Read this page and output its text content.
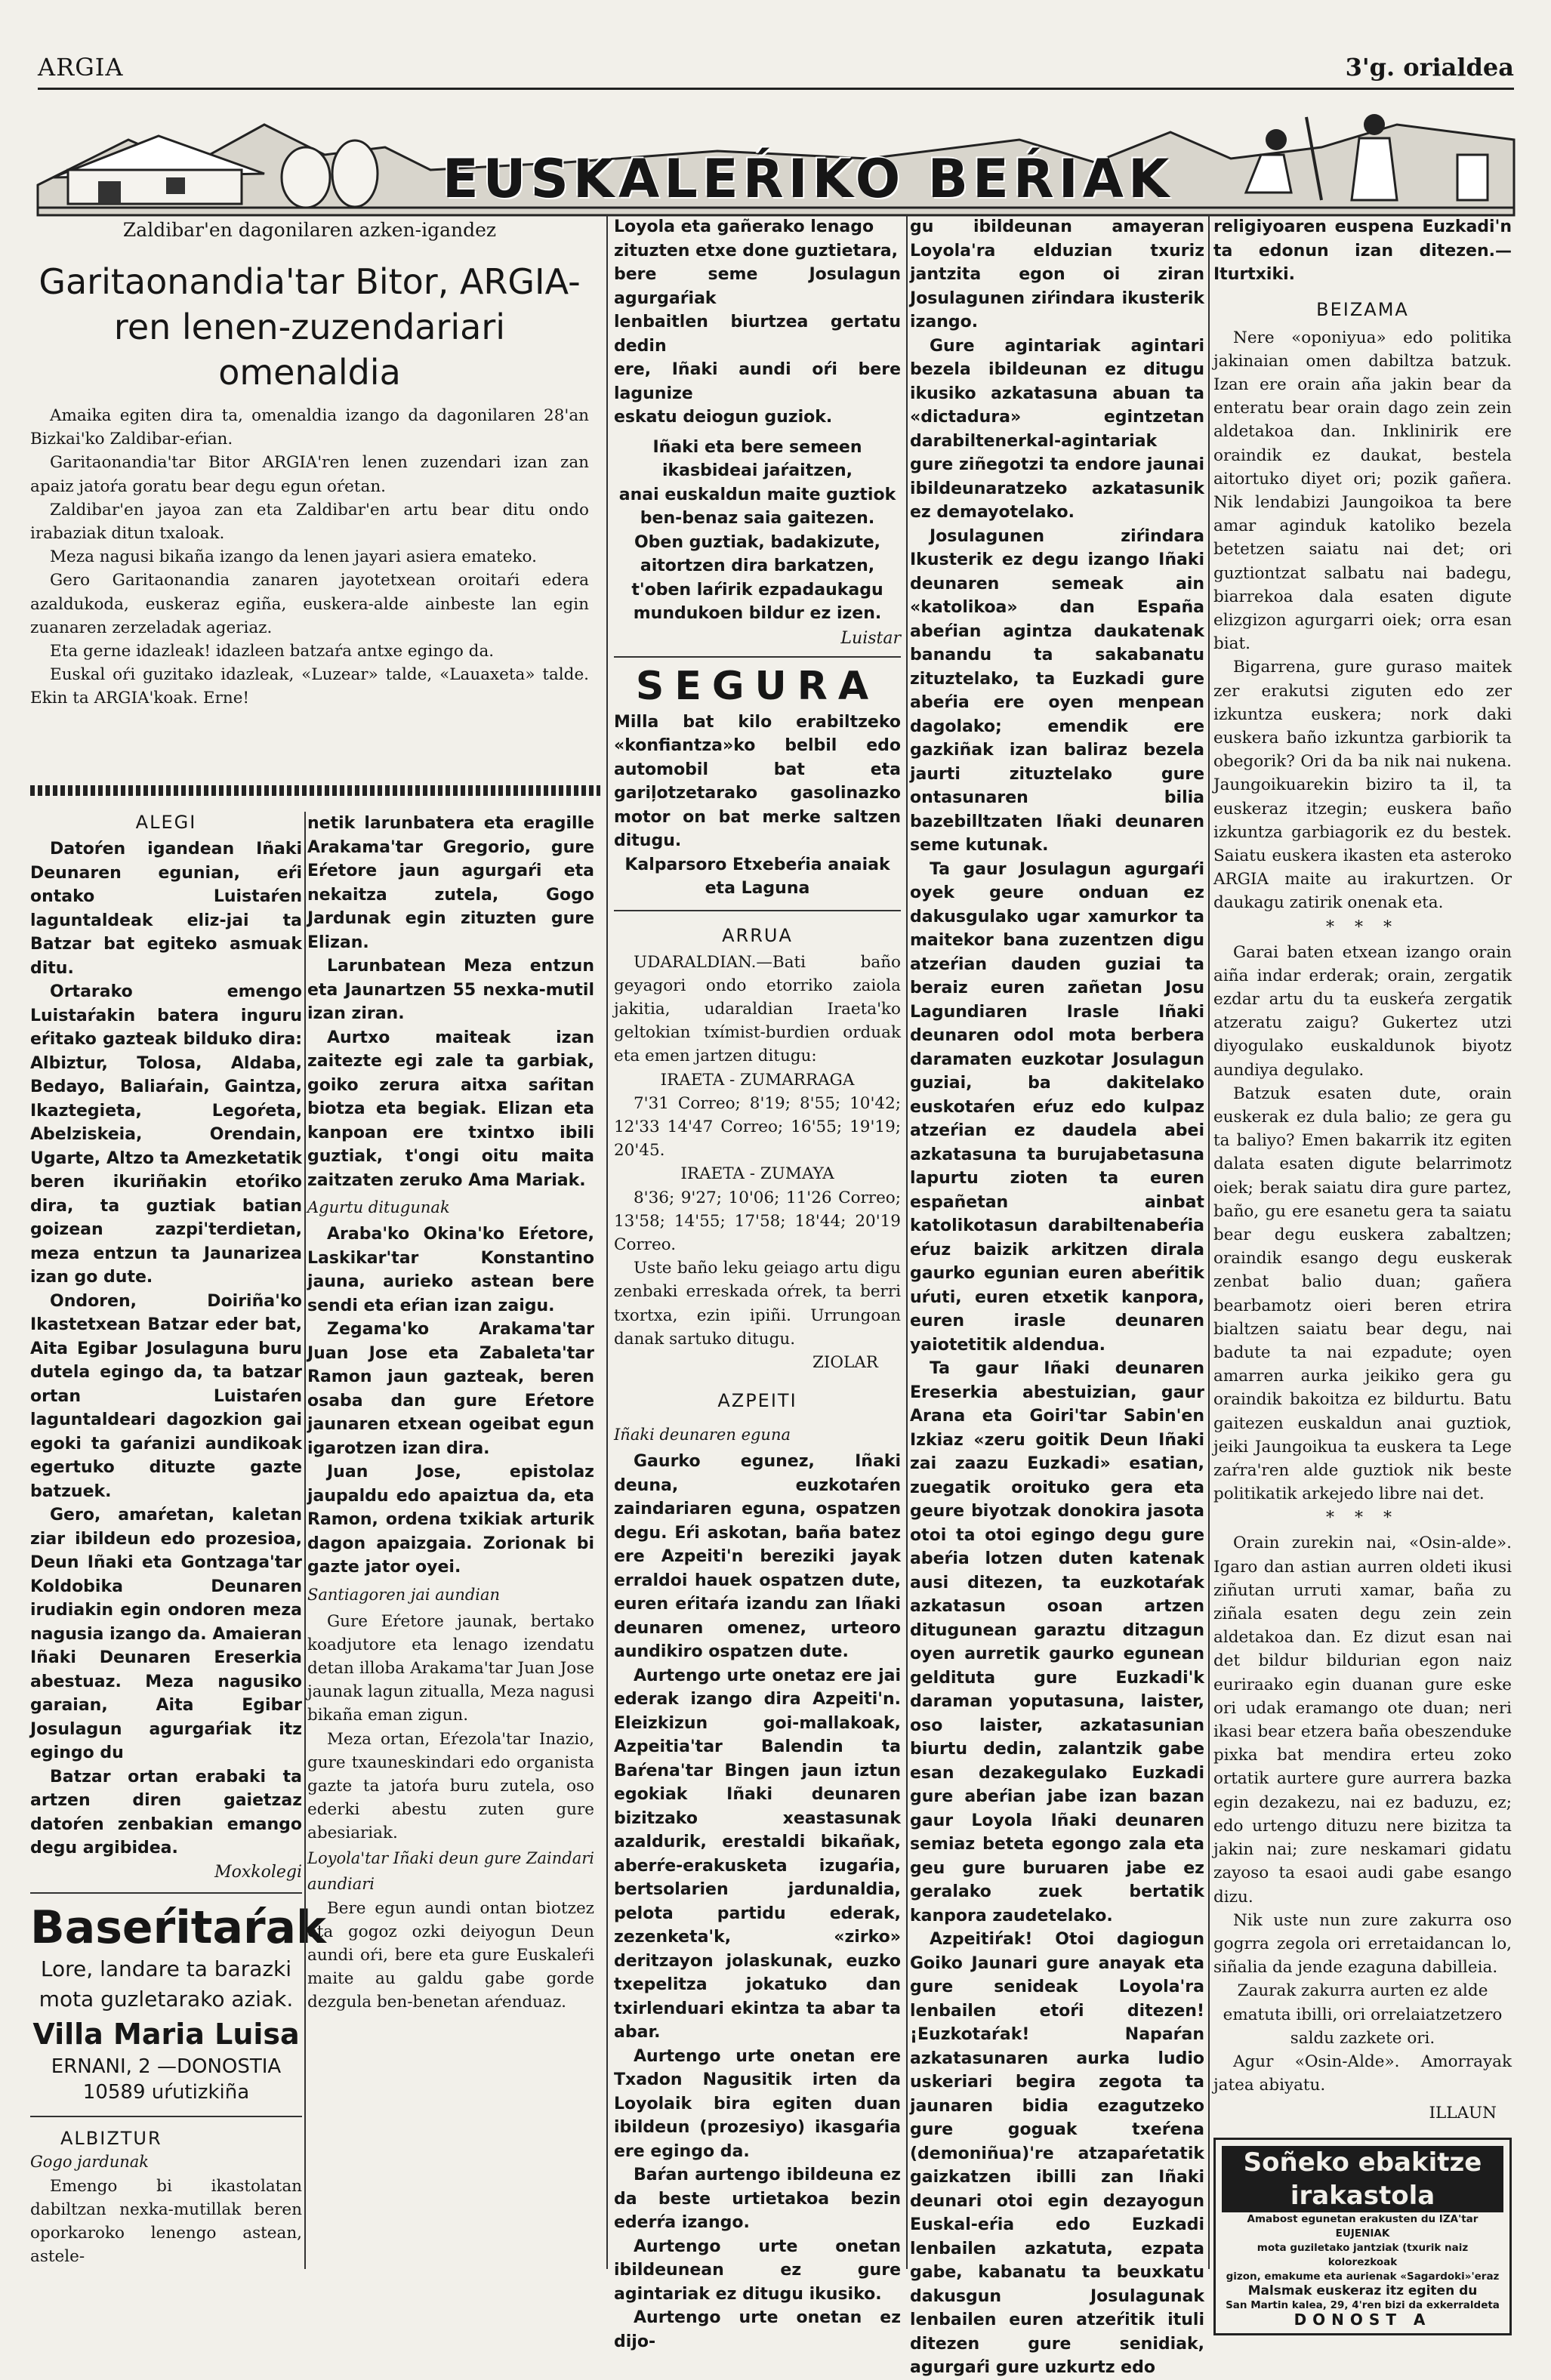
ARGIA	3'g. orialdea
EUSKALEŔIKO BEŔIAK

Zaldibar'en dagonilaren azken-igandez

Garitaonandia'tar Bitor, ARGIA-ren lenen-zuzendariari omenaldia

Amaika egiten dira ta, omenaldia izango da dagonilaren 28'an Bizkai'ko Zaldibar-eŕian.

Garitaonandia'tar Bitor ARGIA'ren lenen zuzendari izan zan apaiz jatoŕa goratu bear degu egun oŕetan.

Zaldibar'en jayoa zan eta Zaldibar'en artu bear ditu ondo irabaziak ditun txaloak.

Meza nagusi bikaña izango da lenen jayari asiera emateko.

Gero Garitaonandia zanaren jayotetxean oroitaŕi edera azaldukoda, euskeraz egiña, euskera-alde ainbeste lan egin zuanaren zerzeladak ageriaz.

Eta gerne idazleak! idazleen batzaŕa antxe egingo da.

Euskal oŕi guzitako idazleak, «Luzear» talde, «Lauaxeta» talde. Ekin ta ARGIA'koak. Erne!

ALEGI

Datoŕen igandean Iñaki Deunaren egunian, eŕi ontako Luistaŕen laguntaldeak eliz-jai ta Batzar bat egiteko asmuak ditu.

Ortarako emengo Luistaŕakin batera inguru eŕitako gazteak bilduko dira: Albiztur, Tolosa, Aldaba, Bedayo, Baliaŕain, Gaintza, Ikaztegieta, Legoŕeta, Abelziskeia, Orendain, Ugarte, Altzo ta Amezketatik beren ikuriñakin etoŕiko dira, ta guztiak batian goizean zazpi'terdietan, meza entzun ta Jaunarizea izan go dute.

Ondoren, Doiriña'ko Ikastetxean Batzar eder bat, Aita Egibar Josulaguna buru dutela egingo da, ta batzar ortan Luistaŕen laguntaldeari dagozkion gai egoki ta gaŕanizi aundikoak egertuko dituzte gazte batzuek.

Gero, amaŕetan, kaletan ziar ibildeun edo prozesioa, Deun Iñaki eta Gontzaga'tar Koldobika Deunaren irudiakin egin ondoren meza nagusia izango da. Amaieran Iñaki Deunaren Ereserkia abestuaz. Meza nagusiko garaian, Aita Egibar Josulagun agurgaŕiak itz egingo du

Batzar ortan erabaki ta artzen diren gaietzaz datoŕen zenbakian emango degu argibidea.

Moxkolegi

Baseŕitaŕak
Lore, landare ta barazki
mota guzletarako aziak.
Villa Maria Luisa
ERNANI, 2 —DONOSTIA
10589 uŕutizkiña

ALBIZTUR

Gogo jardunak

Emengo bi ikastolatan dabiltzan nexka-mutillak beren oporkaroko lenengo astean, astele-

netik larunbatera eta eragille Arakama'tar Gregorio, gure Eŕetore jaun agurgaŕi eta nekaitza zutela, Gogo Jardunak egin zituzten gure Elizan.

Larunbatean Meza entzun eta Jaunartzen 55 nexka-mutil izan ziran.

Aurtxo maiteak izan zaitezte egi zale ta garbiak, goiko zerura aitxa saŕitan biotza eta begiak. Elizan eta kanpoan ere txintxo ibili guztiak, t'ongi oitu maita zaitzaten zeruko Ama Mariak.

Agurtu ditugunak

Araba'ko Okina'ko Eŕetore, Laskikar'tar Konstantino jauna, aurieko astean bere sendi eta eŕian izan zaigu.

Zegama'ko Arakama'tar Juan Jose eta Zabaleta'tar Ramon jaun gazteak, beren osaba dan gure Eŕetore jaunaren etxean ogeibat egun igarotzen izan dira.

Juan Jose, epistolaz jaupaldu edo apaiztua da, eta Ramon, ordena txikiak arturik dagon apaizgaia. Zorionak bi gazte jator oyei.

Santiagoren jai aundian

Gure Eŕetore jaunak, bertako koadjutore eta lenago izendatu detan illoba Arakama'tar Juan Jose jaunak lagun zitualla, Meza nagusi bikaña eman zigun.

Meza ortan, Eŕezola'tar Inazio, gure txauneskindari edo organista gazte ta jatoŕa buru zutela, oso ederki abestu zuten gure abesiariak.

Loyola'tar Iñaki deun gure Zaindari aundiari

Bere egun aundi ontan biotzez eta gogoz ozki deiyogun Deun aundi oŕi, bere eta gure Euskaleŕi maite au galdu gabe gorde dezgula ben-benetan aŕenduaz.

Loyola eta gañerako lenago

zituzten etxe done guztietara,

bere seme Josulagun agurgaŕiak

lenbaitlen biurtzea gertatu dedin

ere, Iñaki aundi oŕi bere lagunize

eskatu deiogun guziok.

Iñaki eta bere semeen

ikasbideai jaŕaitzen,

anai euskaldun maite guztiok

ben-benaz saia gaitezen.

Oben guztiak, badakizute,

aitortzen dira barkatzen,

t'oben laŕirik ezpadaukagu

mundukoen bildur ez izen.

Luistar

SEGURA

Milla bat kilo erabiltzeko «konfiantza»ko belbil edo automobil bat eta gariļotzetarako gasolinazko motor on bat merke saltzen ditugu.

Kalparsoro Etxebeŕia anaiak eta Laguna

ARRUA

UDARALDIAN.—Bati baño geyagori ondo etorriko zaiola jakitia, udaraldian Iraeta'ko geltokian txímist-burdien orduak eta emen jartzen ditugu:

IRAETA - ZUMARRAGA

7'31 Correo; 8'19; 8'55; 10'42; 12'33 14'47 Correo; 16'55; 19'19; 20'45.

IRAETA - ZUMAYA

8'36; 9'27; 10'06; 11'26 Correo; 13'58; 14'55; 17'58; 18'44; 20'19 Correo.

Uste baño leku geiago artu digu zenbaki erreskada oŕrek, ta berri txortxa, ezin ipiñi. Urrungoan danak sartuko ditugu.

ZIOLAR

AZPEITI

Iñaki deunaren eguna

Gaurko egunez, Iñaki deuna, euzkotaŕen zaindariaren eguna, ospatzen degu. Eŕi askotan, baña batez ere Azpeiti'n bereziki jayak erraldoi hauek ospatzen dute, euren eŕitaŕa izandu zan Iñaki deunaren omenez, urteoro aundikiro ospatzen dute.

Aurtengo urte onetaz ere jai ederak izango dira Azpeiti'n. Eleizkizun goi-mallakoak, Azpeitia'tar Balendin ta Baŕena'tar Bingen jaun iztun egokiak Iñaki deunaren bizitzako xeastasunak azaldurik, erestaldi bikañak, aberŕe-erakusketa izugaŕia, bertsolarien jardunaldia, pelota partidu ederak, zezenketa'k, «zirko» deritzayon jolaskunak, euzko txepelitza jokatuko dan txirlenduari ekintza ta abar ta abar.

Aurtengo urte onetan ere Txadon Nagusitik irten da Loyolaik bira egiten duan ibildeun (prozesiyo) ikasgaŕia ere egingo da.

Baŕan aurtengo ibildeuna ez da beste urtietakoa bezin ederŕa izango.

Aurtengo urte onetan ibildeunean ez gure agintariak ez ditugu ikusiko.

Aurtengo urte onetan ez dijo-

gu ibildeunan amayeran Loyola'ra elduzian txuriz jantzita egon oi ziran Josulagunen ziŕindara ikusterik izango.

Gure agintariak agintari bezela ibildeunan ez ditugu ikusiko azkatasuna abuan ta «dictadura» egintzetan darabiltenerkal-agintariak gure ziñegotzi ta endore jaunai ibildeunaratzeko azkatasunik ez demayotelako.

Josulagunen ziŕindara Ikusterik ez degu izango Iñaki deunaren semeak ain «katolikoa» dan España abeŕian agintza daukatenak banandu ta sakabanatu zituztelako, ta Euzkadi gure abeŕia ere oyen menpean dagolako; emendik ere gazkiñak izan baliraz bezela jaurti zituztelako gure ontasunaren bilia bazebilltzaten Iñaki deunaren seme kutunak.

Ta gaur Josulagun agurgaŕi oyek geure onduan ez dakusgulako ugar xamurkor ta maitekor bana zuzentzen digu atzeŕian dauden guziai ta beraiz euren zañetan Josu Lagundiaren Irasle Iñaki deunaren odol mota berbera daramaten euzkotar Josulagun guziai, ba dakitelako euskotaŕen eŕuz edo kulpaz atzeŕian ez daudela abei azkatasuna ta burujabetasuna lapurtu zioten ta euren españetan ainbat katolikotasun darabiltenabeŕia eŕuz baizik arkitzen dirala gaurko egunian euren abeŕitik uŕuti, euren etxetik kanpora, euren irasle deunaren yaiotetitik aldendua.

Ta gaur Iñaki deunaren Ereserkia abestuizian, gaur Arana eta Goiri'tar Sabin'en Izkiaz «zeru goitik Deun Iñaki zai zaazu Euzkadi» esatian, zuegatik oroituko gera eta geure biyotzak donokira jasota otoi ta otoi egingo degu gure abeŕia lotzen duten katenak ausi ditezen, ta euzkotaŕak azkatasun osoan artzen ditugunean garaztu ditzagun oyen aurretik gaurko egunean geldituta gure Euzkadi'k daraman yoputasuna, laister, oso laister, azkatasunian biurtu dedin, zalantzik gabe esan dezakegulako Euzkadi gure abeŕian jabe izan bazan gaur Loyola Iñaki deunaren semiaz beteta egongo zala eta geu gure buruaren jabe ez geralako zuek bertatik kanpora zaudetelako.

Azpeitiŕak! Otoi dagiogun Goiko Jaunari gure anayak eta gure senideak Loyola'ra lenbailen etoŕi ditezen! ¡Euzkotaŕak! Napaŕan azkatasunaren aurka ludio uskeriari begira zegota ta jaunaren bidia ezagutzeko gure goguak txeŕena (demoniñua)'re atzapaŕetatik gaizkatzen ibilli zan Iñaki deunari otoi egin dezayogun Euskal-eŕia edo Euzkadi lenbailen azkatuta, ezpata gabe, kabanatu ta beuxkatu dakusgun Josulagunak lenbailen euren atzeŕitik ituli ditezen gure senidiak, agurgaŕi gure uzkurtz edo

religiyoaren euspena Euzkadi'n ta edonun izan ditezen.—Iturtxiki.

BEIZAMA

Nere «oponiyua» edo politika jakinaian omen dabiltza batzuk. Izan ere orain aña jakin bear da enteratu bear orain dago zein zein aldetakoa dan. Inklinirik ere oraindik ez daukat, bestela aitortuko diyet ori; pozik gañera. Nik lendabizi Jaungoikoa ta bere amar aginduk katoliko bezela betetzen saiatu nai det; ori guztiontzat salbatu nai badegu, biarrekoa dala esaten digute elizgizon agurgarri oiek; orra esan biat.

Bigarrena, gure guraso maitek zer erakutsi ziguten edo zer izkuntza euskera; nork daki euskera baño izkuntza garbiorik ta obegorik? Ori da ba nik nai nukena. Jaungoikuarekin biziro ta il, ta euskeraz itzegin; euskera baño izkuntza garbiagorik ez du bestek. Saiatu euskera ikasten eta asteroko ARGIA maite au irakurtzen. Or daukagu zatirik onenak eta.

* * *

Garai baten etxean izango orain aiña indar erderak; orain, zergatik ezdar artu du ta euskeŕa zergatik atzeratu zaigu? Gukertez utzi diyogulako euskaldunok biyotz aundiya degulako.

Batzuk esaten dute, orain euskerak ez dula balio; ze gera gu ta baliyo? Emen bakarrik itz egiten dalata esaten digute belarrimotz oiek; berak saiatu dira gure partez, baño, gu ere esanetu gera ta saiatu bear degu euskera zabaltzen; oraindik esango degu euskerak zenbat balio duan; gañera bearbamotz oieri beren etrira bialtzen saiatu bear degu, nai badute ta nai ezpadute; oyen amarren aurka jeikiko gera gu oraindik bakoitza ez bildurtu. Batu gaitezen euskaldun anai guztiok, jeiki Jaungoikua ta euskera ta Lege zaŕra'ren alde guztiok nik beste politikatik arkejedo libre nai det.

* * *

Orain zurekin nai, «Osin-alde». Igaro dan astian aurren oldeti ikusi ziñutan urruti xamar, baña zu ziñala esaten degu zein zein aldetakoa dan. Ez dizut esan nai det bildur bildurian egon naiz euriraako egin duanan gure eske ori udak eramango ote duan; neri ikasi bear etzera baña obeszenduke pixka bat mendira erteu zoko ortatik aurtere gure aurrera bazka egin dezakezu, nai ez baduzu, ez; edo urtengo dituzu nere bizitza ta jakin nai; zure neskamari gidatu zayoso ta esaoi audi gabe esango dizu.

Nik uste nun zure zakurra oso gogrra zegola ori erretaidancan lo, siñalia da jende ezaguna dabilleia.

Zaurak zakurra aurten ez alde ematuta ibilli, ori orrelaiatzetzero saldu zazkete ori.

Agur «Osin-Alde». Amorrayak jatea abiyatu.

ILLAUN

Soñeko ebakitze irakastola
Amabost egunetan erakusten du IZA'tar EUJENIAK
mota guziletako jantziak (txurik naiz kolorezkoak
gizon, emakume eta aurienak «Sagardoki»'eraz
Malsmak euskeraz itz egiten du
San Martin kalea, 29, 4'ren bizi da exkerraldeta
DONOST A
